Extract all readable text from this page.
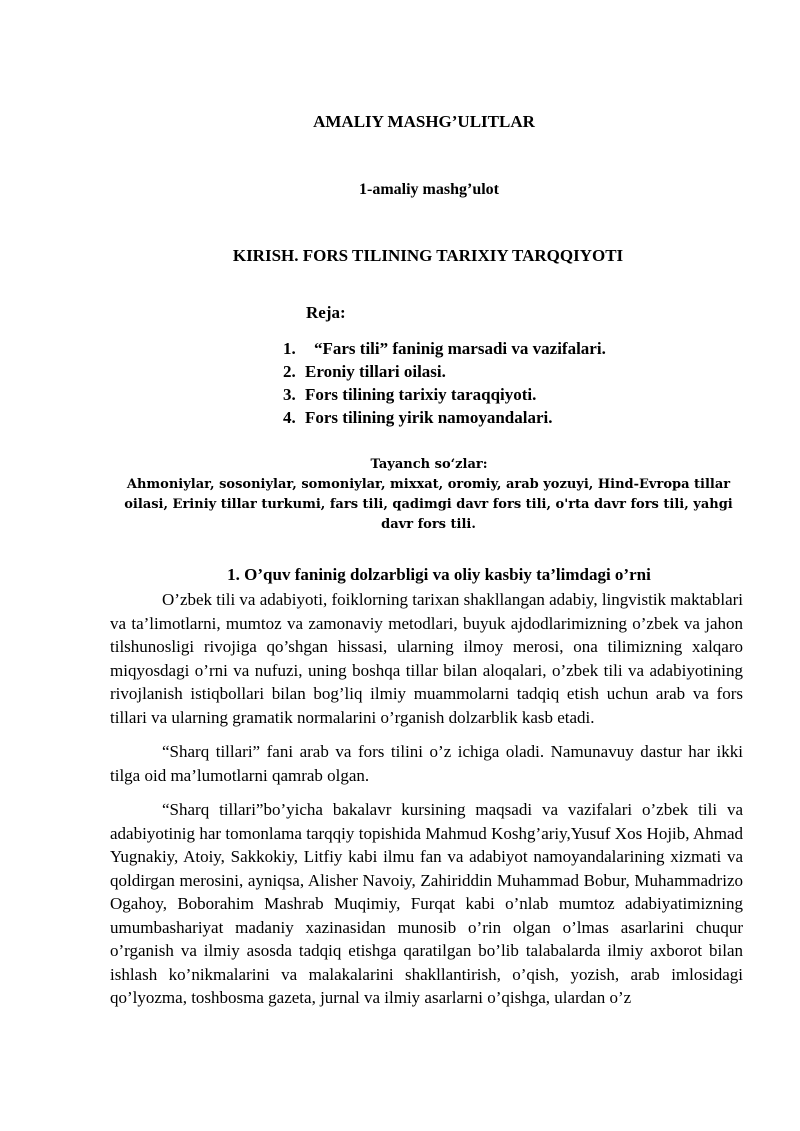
AMALIY MASHG’ULITLAR
1-amaliy mashg’ulot
KIRISH. FORS TILINING TARIXIY TARQQIYOTI
Reja:
1. “Fars tili” faninig marsadi va vazifalari.
2. Eroniy tillari oilasi.
3. Fors tilining tarixiy taraqqiyoti.
4. Fors tilining yirik namoyandalari.
Tayanch so‘zlar:

Ahmoniylar, sosoniylar, somoniylar, mixxat, oromiy, arab yozuyi, Hind-Evropa tillar oilasi, Eriniy tillar turkumi, fars tili, qadimgi davr fors tili, o'rta davr fors tili, yahgi davr fors tili.

1. O’quv faninig dolzarbligi va oliy kasbiy ta’limdagi o’rni

O’zbek tili va adabiyoti, foiklorning tarixan shakllangan adabiy, lingvistik maktablari va ta’limotlarni, mumtoz va zamonaviy metodlari, buyuk ajdodlarimizning o’zbek va jahon tilshunosligi rivojiga qo’shgan hissasi, ularning ilmoy merosi, ona tilimizning xalqaro miqyosdagi o’rni va nufuzi, uning boshqa tillar bilan aloqalari, o’zbek tili va adabiyotining rivojlanish istiqbollari bilan bog’liq ilmiy muammolarni tadqiq etish uchun arab va fors tillari va ularning gramatik normalarini o’rganish dolzarblik kasb etadi.

“Sharq tillari” fani arab va fors tilini o’z ichiga oladi. Namunavuy dastur har ikki tilga oid ma’lumotlarni qamrab olgan.

“Sharq tillari”bo’yicha bakalavr kursining maqsadi va vazifalari o’zbek tili va adabiyotinig har tomonlama tarqqiy topishida Mahmud Koshg’ariy,Yusuf Xos Hojib, Ahmad Yugnakiy, Atoiy, Sakkokiy, Litfiy kabi ilmu fan va adabiyot namoyandalarining xizmati va qoldirgan merosini, ayniqsa, Alisher Navoiy, Zahiriddin Muhammad Bobur, Muhammadrizo Ogahoy, Boborahim Mashrab Muqimiy, Furqat kabi o’nlab mumtoz adabiyatimizning umumbashariyat madaniy xazinasidan munosib o’rin olgan o’lmas asarlarini chuqur o’rganish va ilmiy asosda tadqiq etishga qaratilgan bo’lib talabalarda ilmiy axborot bilan ishlash ko’nikmalarini va malakalarini shakllantirish, o’qish, yozish, arab imlosidagi qo’lyozma, toshbosma gazeta, jurnal va ilmiy asarlarni o’qishga, ulardan o’z
